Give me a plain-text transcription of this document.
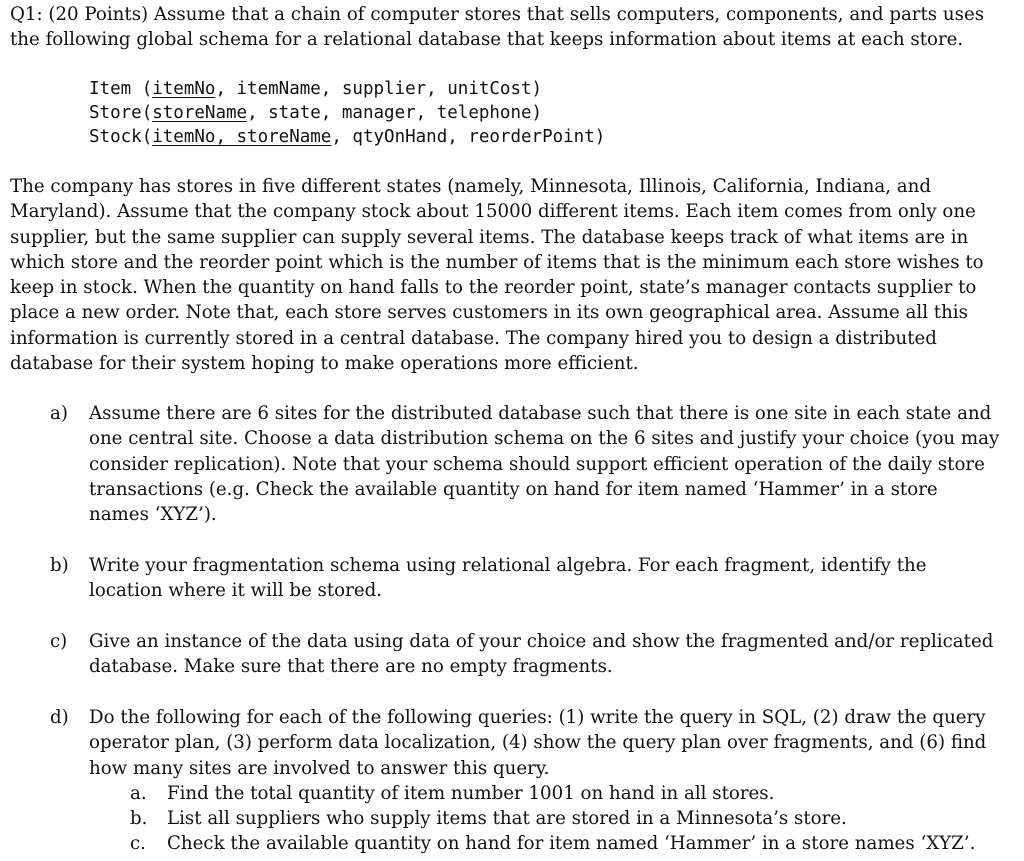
Q1: (20 Points) Assume that a chain of computer stores that sells computers, components, and parts uses the following global schema for a relational database that keeps information about items at each store.
Item (itemNo, itemName, supplier, unitCost)
Store(storeName, state, manager, telephone)
Stock(itemNo, storeName, qtyOnHand, reorderPoint)
The company has stores in five different states (namely, Minnesota, Illinois, California, Indiana, and Maryland). Assume that the company stock about 15000 different items. Each item comes from only one supplier, but the same supplier can supply several items. The database keeps track of what items are in which store and the reorder point which is the number of items that is the minimum each store wishes to keep in stock. When the quantity on hand falls to the reorder point, state’s manager contacts supplier to place a new order. Note that, each store serves customers in its own geographical area. Assume all this information is currently stored in a central database. The company hired you to design a distributed database for their system hoping to make operations more efficient.
a) Assume there are 6 sites for the distributed database such that there is one site in each state and one central site. Choose a data distribution schema on the 6 sites and justify your choice (you may consider replication). Note that your schema should support efficient operation of the daily store transactions (e.g. Check the available quantity on hand for item named ‘Hammer’ in a store names ‘XYZ’).
b) Write your fragmentation schema using relational algebra. For each fragment, identify the location where it will be stored.
c) Give an instance of the data using data of your choice and show the fragmented and/or replicated database. Make sure that there are no empty fragments.
d) Do the following for each of the following queries: (1) write the query in SQL, (2) draw the query operator plan, (3) perform data localization, (4) show the query plan over fragments, and (6) find how many sites are involved to answer this query.
a. Find the total quantity of item number 1001 on hand in all stores.
b. List all suppliers who supply items that are stored in a Minnesota’s store.
c. Check the available quantity on hand for item named ‘Hammer’ in a store names ‘XYZ’.
